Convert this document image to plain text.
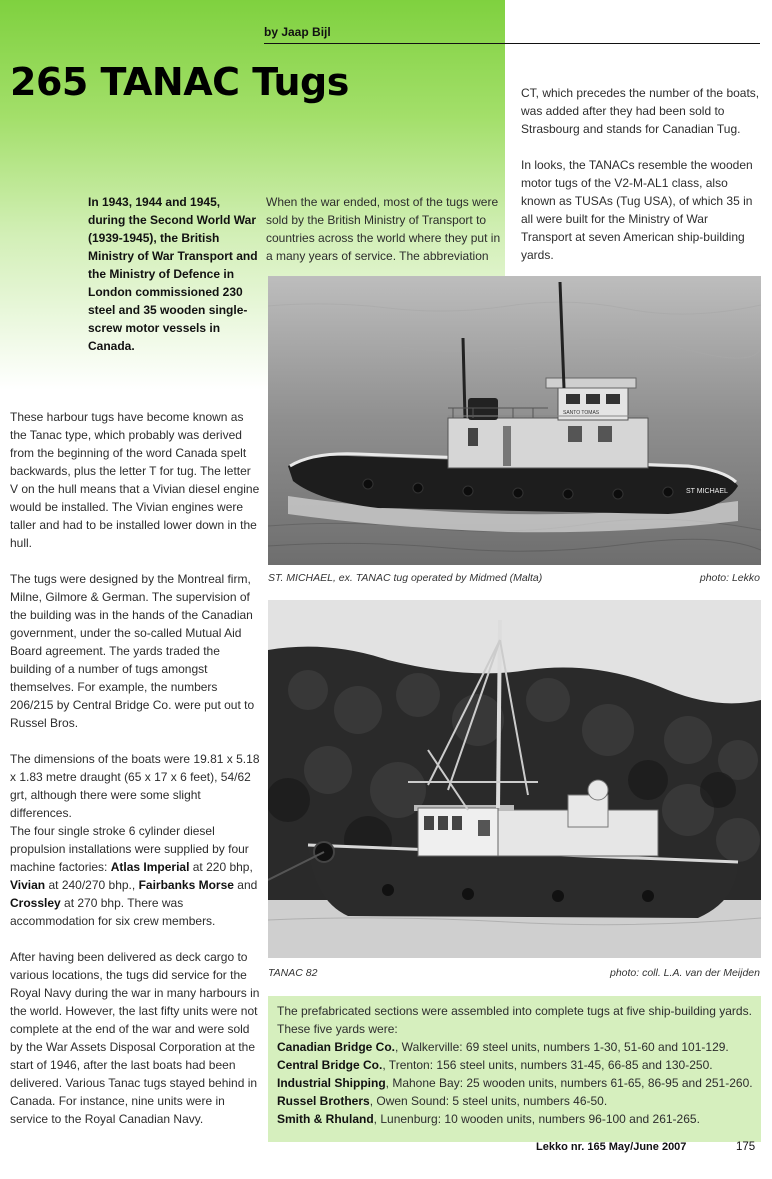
by Jaap Bijl
265 TANAC Tugs
In 1943, 1944 and 1945, during the Second World War (1939-1945), the British Ministry of War Transport and the Ministry of Defence in London commissioned 230 steel and 35 wooden single-screw motor vessels in Canada.

CT, which precedes the number of the boats, was added after they had been sold to Strasbourg and stands for Canadian Tug.

In looks, the TANACs resemble the wooden motor tugs of the V2-M-AL1 class, also known as TUSAs (Tug USA), of which 35 in all were built for the Ministry of War Transport at seven American ship-building yards.

When the war ended, most of the tugs were sold by the British Ministry of Transport to countries across the world where they put in a many years of service. The abbreviation

These harbour tugs have become known as the Tanac type, which probably was derived from the beginning of the word Canada spelt backwards, plus the letter T for tug. The letter V on the hull means that a Vivian diesel engine would be installed. The Vivian engines were taller and had to be installed lower down in the hull.

The tugs were designed by the Montreal firm, Milne, Gilmore & German. The supervision of the building was in the hands of the Canadian government, under the so-called Mutual Aid Board agreement. The yards traded the building of a number of tugs amongst themselves. For example, the numbers 206/215 by Central Bridge Co. were put out to Russel Bros.

The dimensions of the boats were 19.81 x 5.18 x 1.83 metre draught (65 x 17 x 6 feet), 54/62 grt, although there were some slight differences.

The four single stroke 6 cylinder diesel propulsion installations were supplied by four machine factories: Atlas Imperial at 220 bhp, Vivian at 240/270 bhp., Fairbanks Morse and Crossley at 270 bhp. There was accommodation for six crew members.

After having been delivered as deck cargo to various locations, the tugs did service for the Royal Navy during the war in many harbours in the world. However, the last fifty units were not complete at the end of the war and were sold by the War Assets Disposal Corporation at the start of 1946, after the last boats had been delivered. Various Tanac tugs stayed behind in Canada. For instance, nine units were in service to the Royal Canadian Navy.

ST MICHAEL
SANTO TOMAS
ST. MICHAEL, ex. TANAC tug operated by Midmed (Malta)	photo: Lekko
TANAC 82	photo: coll. L.A. van der Meijden
The prefabricated sections were assembled into complete tugs at five ship-building yards.
These five yards were:
Canadian Bridge Co., Walkerville: 69 steel units, numbers 1-30, 51-60 and 101-129.
Central Bridge Co., Trenton: 156 steel units, numbers 31-45, 66-85 and 130-250.
Industrial Shipping, Mahone Bay: 25 wooden units, numbers 61-65, 86-95 and 251-260.
Russel Brothers, Owen Sound: 5 steel units, numbers 46-50.
Smith & Rhuland, Lunenburg: 10 wooden units, numbers 96-100 and 261-265.
Lekko nr. 165 May/June 2007	175
